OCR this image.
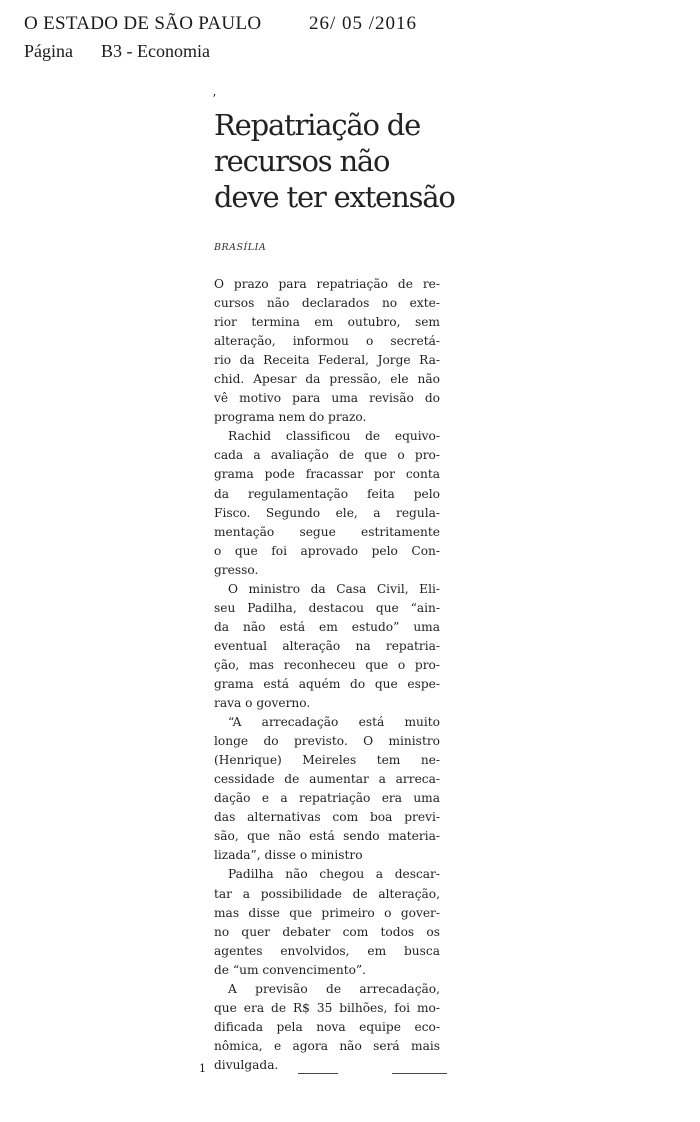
O ESTADO DE SÃO PAULO	26/ 05 /2016
Página B3 - Economia
ʼ
Repatriação de
recursos não
deve ter extensão
BRASÍLIA
O prazo para repatriação de re-
cursos não declarados no exte-
rior termina em outubro, sem
alteração, informou o secretá-
rio da Receita Federal, Jorge Ra-
chid. Apesar da pressão, ele não
vê motivo para uma revisão do
programa nem do prazo.
Rachid classificou de equivo-
cada a avaliação de que o pro-
grama pode fracassar por conta
da regulamentação feita pelo
Fisco. Segundo ele, a regula-
mentação segue estritamente
o que foi aprovado pelo Con-
gresso.
O ministro da Casa Civil, Eli-
seu Padilha, destacou que “ain-
da não está em estudo” uma
eventual alteração na repatria-
ção, mas reconheceu que o pro-
grama está aquém do que espe-
rava o governo.
“A arrecadação está muito
longe do previsto. O ministro
(Henrique) Meireles tem ne-
cessidade de aumentar a arreca-
dação e a repatriação era uma
das alternativas com boa previ-
são, que não está sendo materia-
lizada”, disse o ministro
Padilha não chegou a descar-
tar a possibilidade de alteração,
mas disse que primeiro o gover-
no quer debater com todos os
agentes envolvidos, em busca
de “um convencimento”.
A previsão de arrecadação,
que era de R$ 35 bilhões, foi mo-
dificada pela nova equipe eco-
nômica, e agora não será mais
divulgada.
1
